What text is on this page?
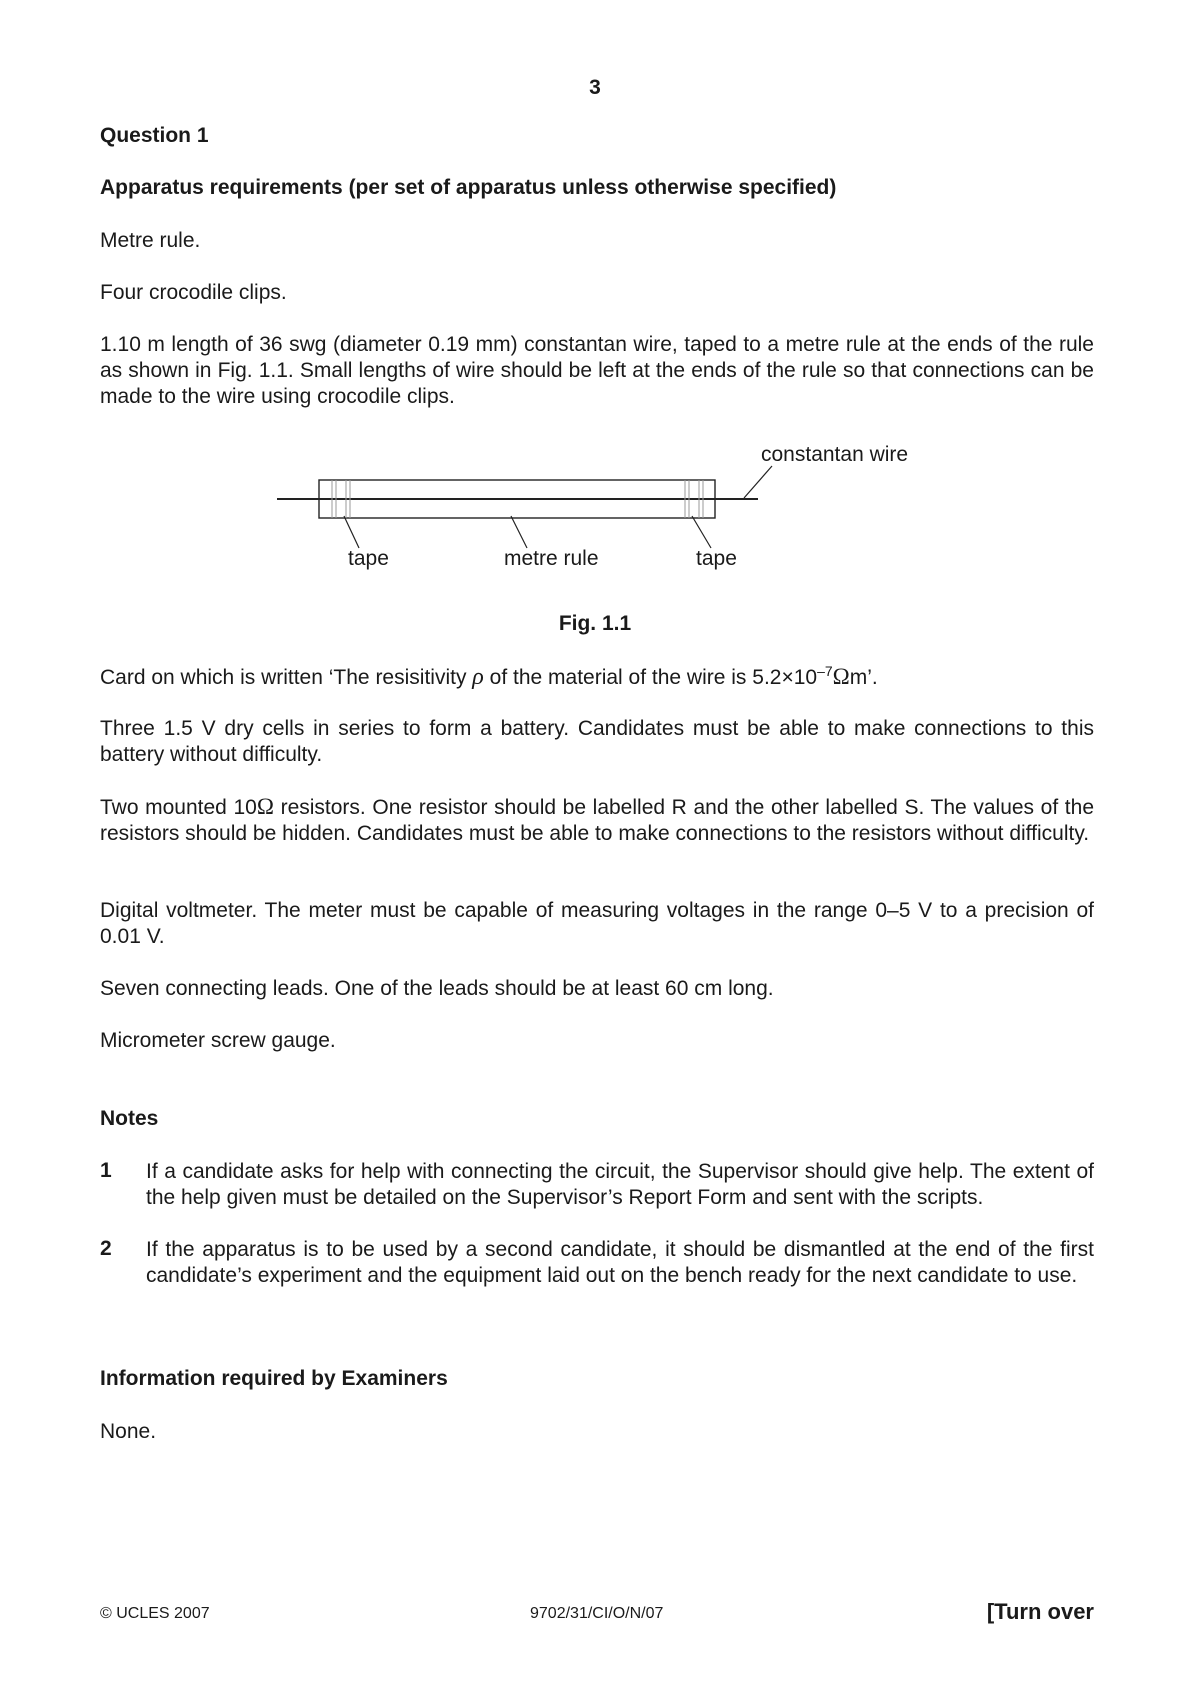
3
Question 1
Apparatus requirements (per set of apparatus unless otherwise specified)
Metre rule.
Four crocodile clips.
1.10 m length of 36 swg (diameter 0.19 mm) constantan wire, taped to a metre rule at the ends of the rule as shown in Fig. 1.1. Small lengths of wire should be left at the ends of the rule so that connections can be made to the wire using crocodile clips.
constantan wire
tape	metre rule	tape
Fig. 1.1
Card on which is written ‘The resisitivity ρ of the material of the wire is $5.2\times 10^{-7}\Omega m$’.
Three 1.5 V dry cells in series to form a battery. Candidates must be able to make connections to this battery without difficulty.
Two mounted 10Ω resistors. One resistor should be labelled R and the other labelled S. The values of the resistors should be hidden. Candidates must be able to make connections to the resistors without difficulty.
Digital voltmeter. The meter must be capable of measuring voltages in the range 0–5 V to a precision of 0.01 V.
Seven connecting leads. One of the leads should be at least 60 cm long.
Micrometer screw gauge.
Notes
1 If a candidate asks for help with connecting the circuit, the Supervisor should give help. The extent of the help given must be detailed on the Supervisor’s Report Form and sent with the scripts.
2 If the apparatus is to be used by a second candidate, it should be dismantled at the end of the first candidate’s experiment and the equipment laid out on the bench ready for the next candidate to use.
Information required by Examiners
None.
© UCLES 2007	9702/31/CI/O/N/07	[Turn over
